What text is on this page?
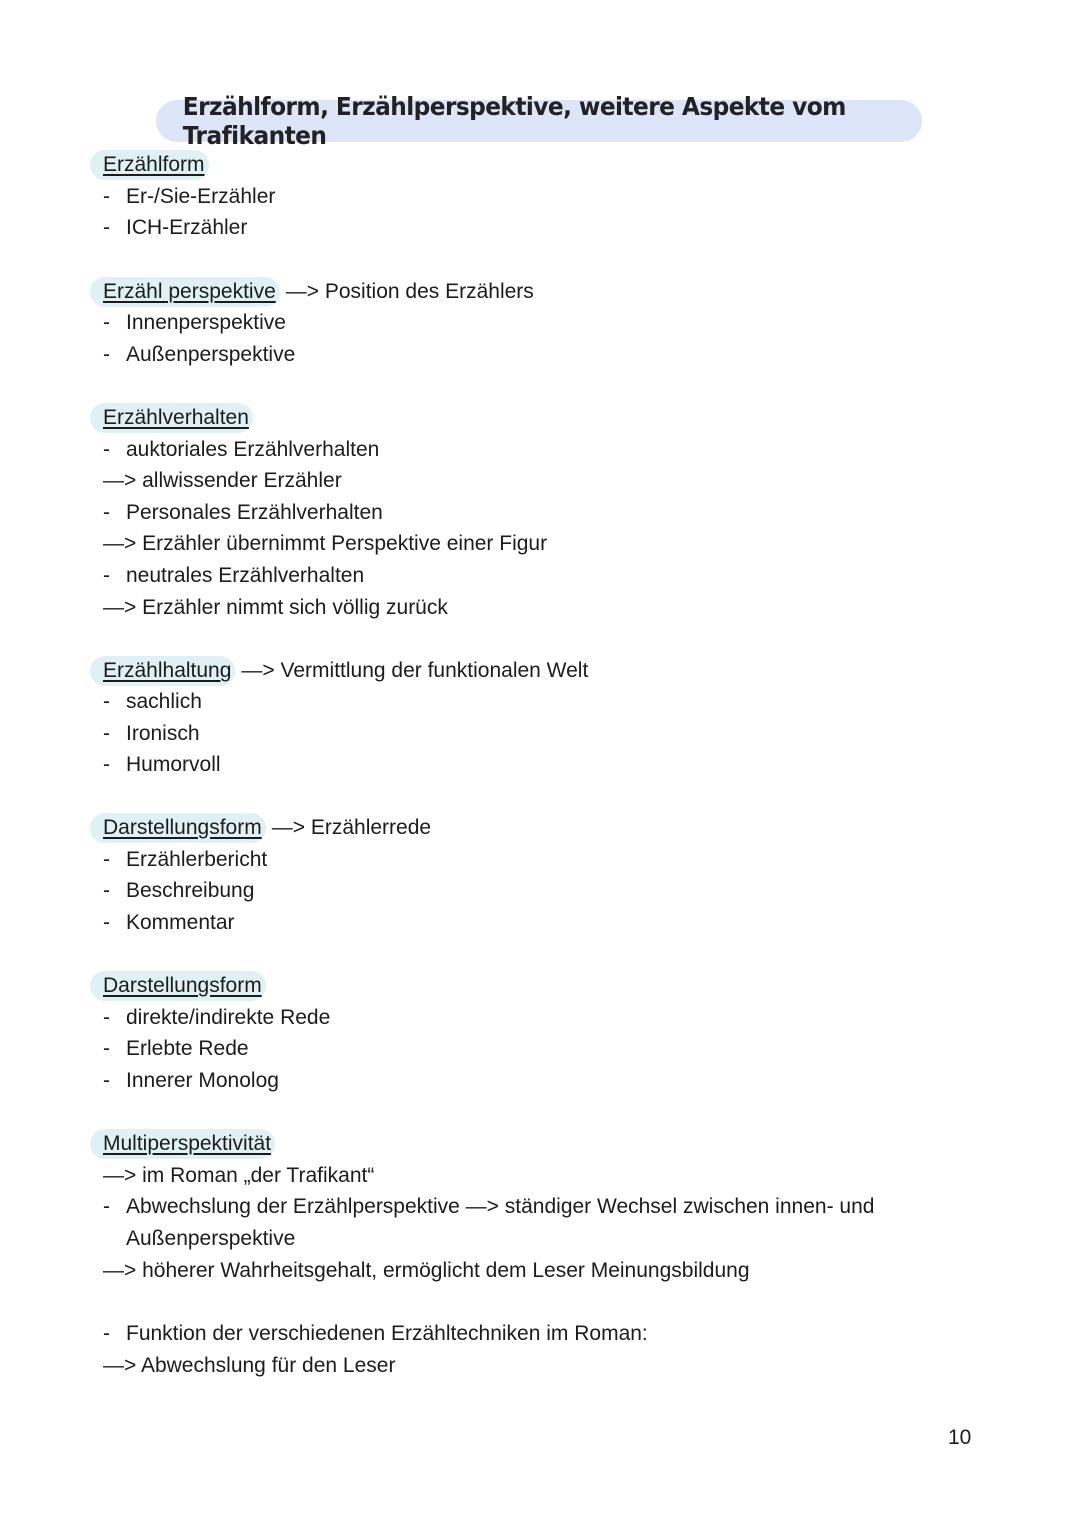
Erzählform, Erzählperspektive, weitere Aspekte vom Trafikanten
Erzählform
- Er-/Sie-Erzähler
- ICH-Erzähler
Erzähl perspektive —> Position des Erzählers
- Innenperspektive
- Außenperspektive
Erzählverhalten
- auktoriales Erzählverhalten
—> allwissender Erzähler
- Personales Erzählverhalten
—> Erzähler übernimmt Perspektive einer Figur
- neutrales Erzählverhalten
—> Erzähler nimmt sich völlig zurück
Erzählhaltung —> Vermittlung der funktionalen Welt
- sachlich
- Ironisch
- Humorvoll
Darstellungsform —> Erzählerrede
- Erzählerbericht
- Beschreibung
- Kommentar
Darstellungsform
- direkte/indirekte Rede
- Erlebte Rede
- Innerer Monolog
Multiperspektivität
—> im Roman „der Trafikant“
- Abwechslung der Erzählperspektive —> ständiger Wechsel zwischen innen- und
Außenperspektive
—> höherer Wahrheitsgehalt, ermöglicht dem Leser Meinungsbildung
- Funktion der verschiedenen Erzähltechniken im Roman:
—> Abwechslung für den Leser
10
